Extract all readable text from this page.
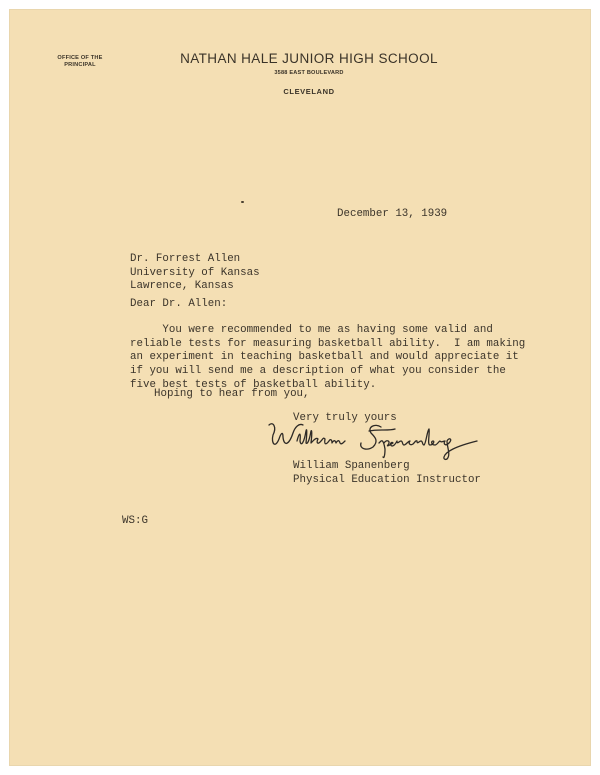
OFFICE OF THE
PRINCIPAL	NATHAN HALE JUNIOR HIGH SCHOOL
3588 EAST BOULEVARD
CLEVELAND
December 13, 1939
Dr. Forrest Allen
University of Kansas
Lawrence, Kansas
Dear Dr. Allen:
You were recommended to me as having some valid and
reliable tests for measuring basketball ability.  I am making
an experiment in teaching basketball and would appreciate it
if you will send me a description of what you consider the
five best tests of basketball ability.
Hoping to hear from you,
Very truly yours
William Spanenberg
Physical Education Instructor
WS:G
